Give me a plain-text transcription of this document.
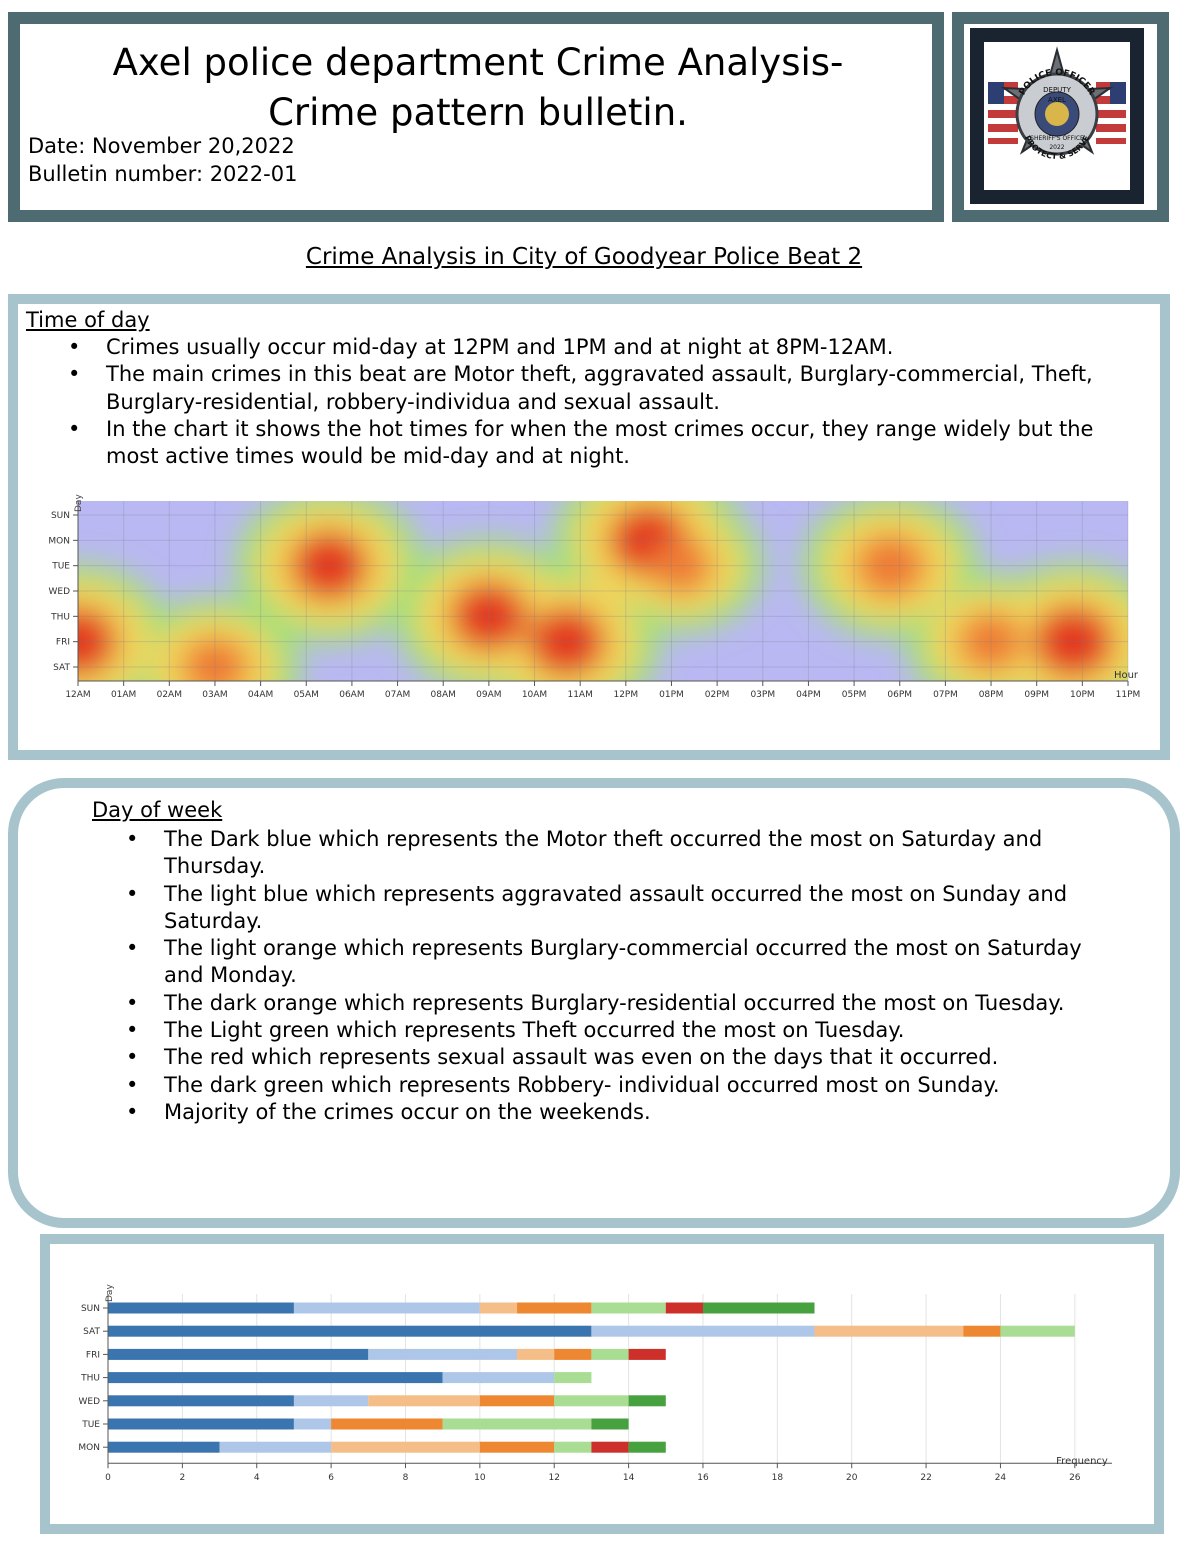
Axel police department Crime Analysis-
Crime pattern bulletin.
Date: November 20,2022
Bulletin number: 2022-01
POLICE OFFICER
DEPUTY
AXEL
SHERIFF'S OFFICE
2022
PROTECT & SERVE
Crime Analysis in City of Goodyear Police Beat 2
Time of day
• Crimes usually occur mid-day at 12PM and 1PM and at night at 8PM-12AM.
• The main crimes in this beat are Motor theft, aggravated assault, Burglary-commercial, Theft, Burglary-residential, robbery-individua and sexual assault.
• In the chart it shows the hot times for when the most crimes occur, they range widely but the most active times would be mid-day and at night.
SUN
MON
TUE
WED
THU
FRI
SAT
12AM 01AM 02AM 03AM 04AM 05AM 06AM 07AM 08AM 09AM 10AM 11AM 12PM 01PM 02PM 03PM 04PM 05PM 06PM 07PM 08PM 09PM 10PM 11PM
Day
Hour
Day of week
• The Dark blue which represents the Motor theft occurred the most on Saturday and Thursday.
• The light blue which represents aggravated assault occurred the most on Sunday and Saturday.
• The light orange which represents Burglary-commercial occurred the most on Saturday and Monday.
• The dark orange which represents Burglary-residential occurred the most on Tuesday.
• The Light green which represents Theft occurred the most on Tuesday.
• The red which represents sexual assault was even on the days that it occurred.
• The dark green which represents Robbery- individual occurred most on Sunday.
• Majority of the crimes occur on the weekends.
0	2	4	6	8	10	12	14	16	18	20	22	24	26
SUN
SAT
FRI
THU
WED
TUE
MON
Day
Frequency
